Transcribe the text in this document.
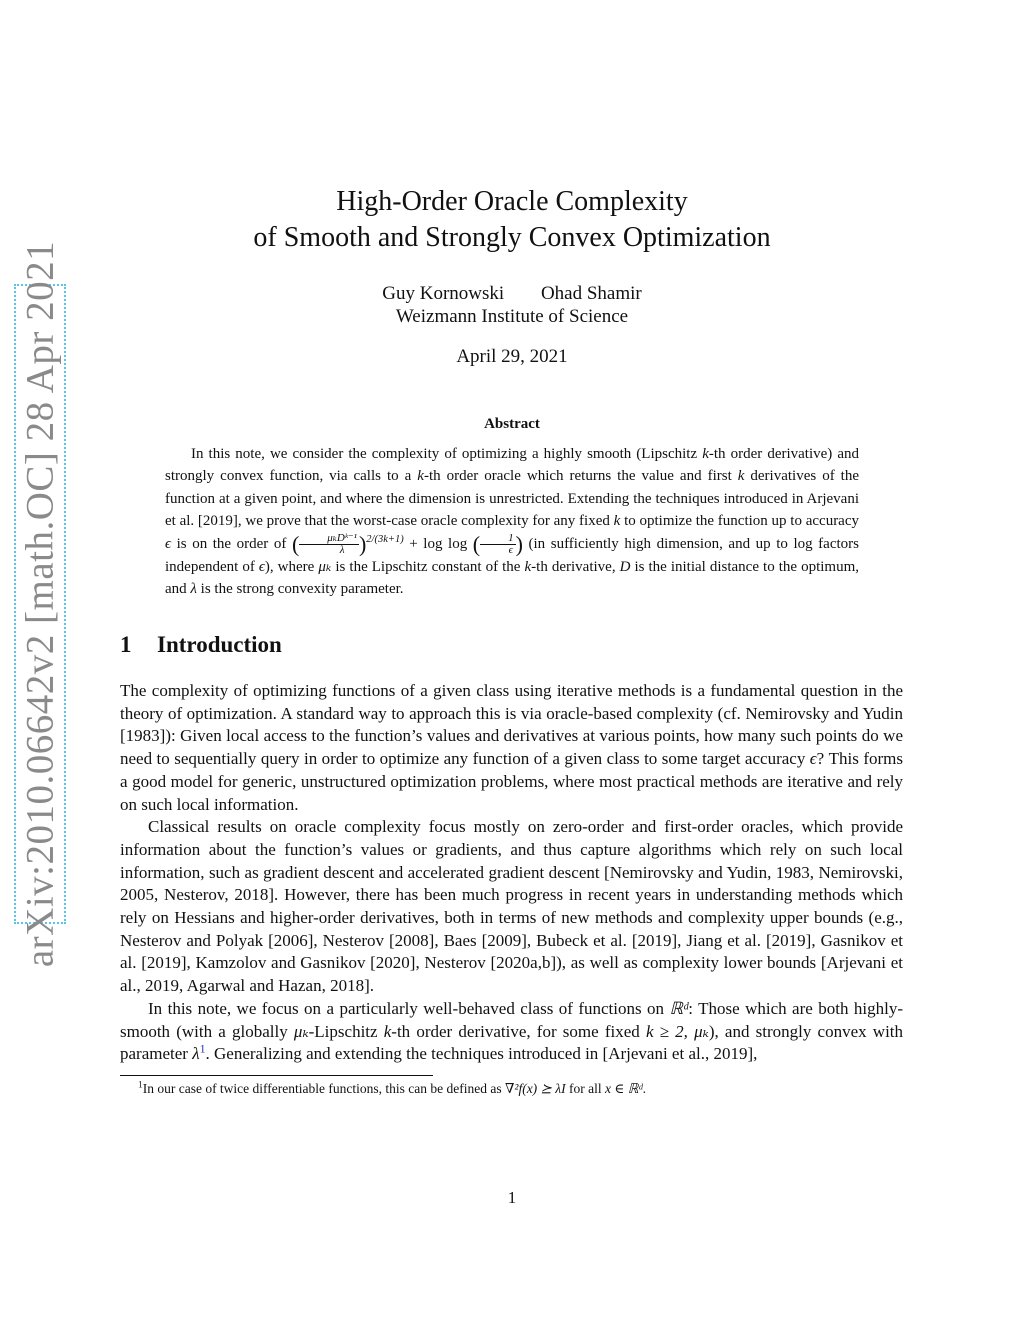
arXiv:2010.06642v2 [math.OC] 28 Apr 2021
High-Order Oracle Complexity
of Smooth and Strongly Convex Optimization
Guy Kornowski Ohad Shamir
Weizmann Institute of Science
April 29, 2021
Abstract

In this note, we consider the complexity of optimizing a highly smooth (Lipschitz k-th order derivative) and strongly convex function, via calls to a k-th order oracle which returns the value and first k derivatives of the function at a given point, and where the dimension is unrestricted. Extending the techniques introduced in Arjevani et al. [2019], we prove that the worst-case oracle complexity for any fixed k to optimize the function up to accuracy ϵ is on the order of ( $\frac{\text{μₖDᵏ⁻¹}}{\lambda} )^{2/(3k+1)} + \log \log$ ( $\frac{1}{\epsilon}$ ) (in sufficiently high dimension, and up to log factors independent of ϵ), where μₖ is the Lipschitz constant of the k-th derivative, D is the initial distance to the optimum, and λ is the strong convexity parameter.

1 Introduction

The complexity of optimizing functions of a given class using iterative methods is a fundamental question in the theory of optimization. A standard way to approach this is via oracle-based complexity (cf. Nemirovsky and Yudin [1983]): Given local access to the function’s values and derivatives at various points, how many such points do we need to sequentially query in order to optimize any function of a given class to some target accuracy ϵ? This forms a good model for generic, unstructured optimization problems, where most practical methods are iterative and rely on such local information.

Classical results on oracle complexity focus mostly on zero-order and first-order oracles, which provide information about the function’s values or gradients, and thus capture algorithms which rely on such local information, such as gradient descent and accelerated gradient descent [Nemirovsky and Yudin, 1983, Nemirovski, 2005, Nesterov, 2018]. However, there has been much progress in recent years in understanding methods which rely on Hessians and higher-order derivatives, both in terms of new methods and complexity upper bounds (e.g., Nesterov and Polyak [2006], Nesterov [2008], Baes [2009], Bubeck et al. [2019], Jiang et al. [2019], Gasnikov et al. [2019], Kamzolov and Gasnikov [2020], Nesterov [2020a,b]), as well as complexity lower bounds [Arjevani et al., 2019, Agarwal and Hazan, 2018].

In this note, we focus on a particularly well-behaved class of functions on ℝᵈ: Those which are both highly-smooth (with a globally μₖ-Lipschitz k-th order derivative, for some fixed k ≥ 2, μₖ), and strongly convex with parameter λ$^1$. Generalizing and extending the techniques introduced in [Arjevani et al., 2019],

$^1$In our case of twice differentiable functions, this can be defined as ∇²f(x) ⪰ λI for all x ∈ ℝᵈ.
1
